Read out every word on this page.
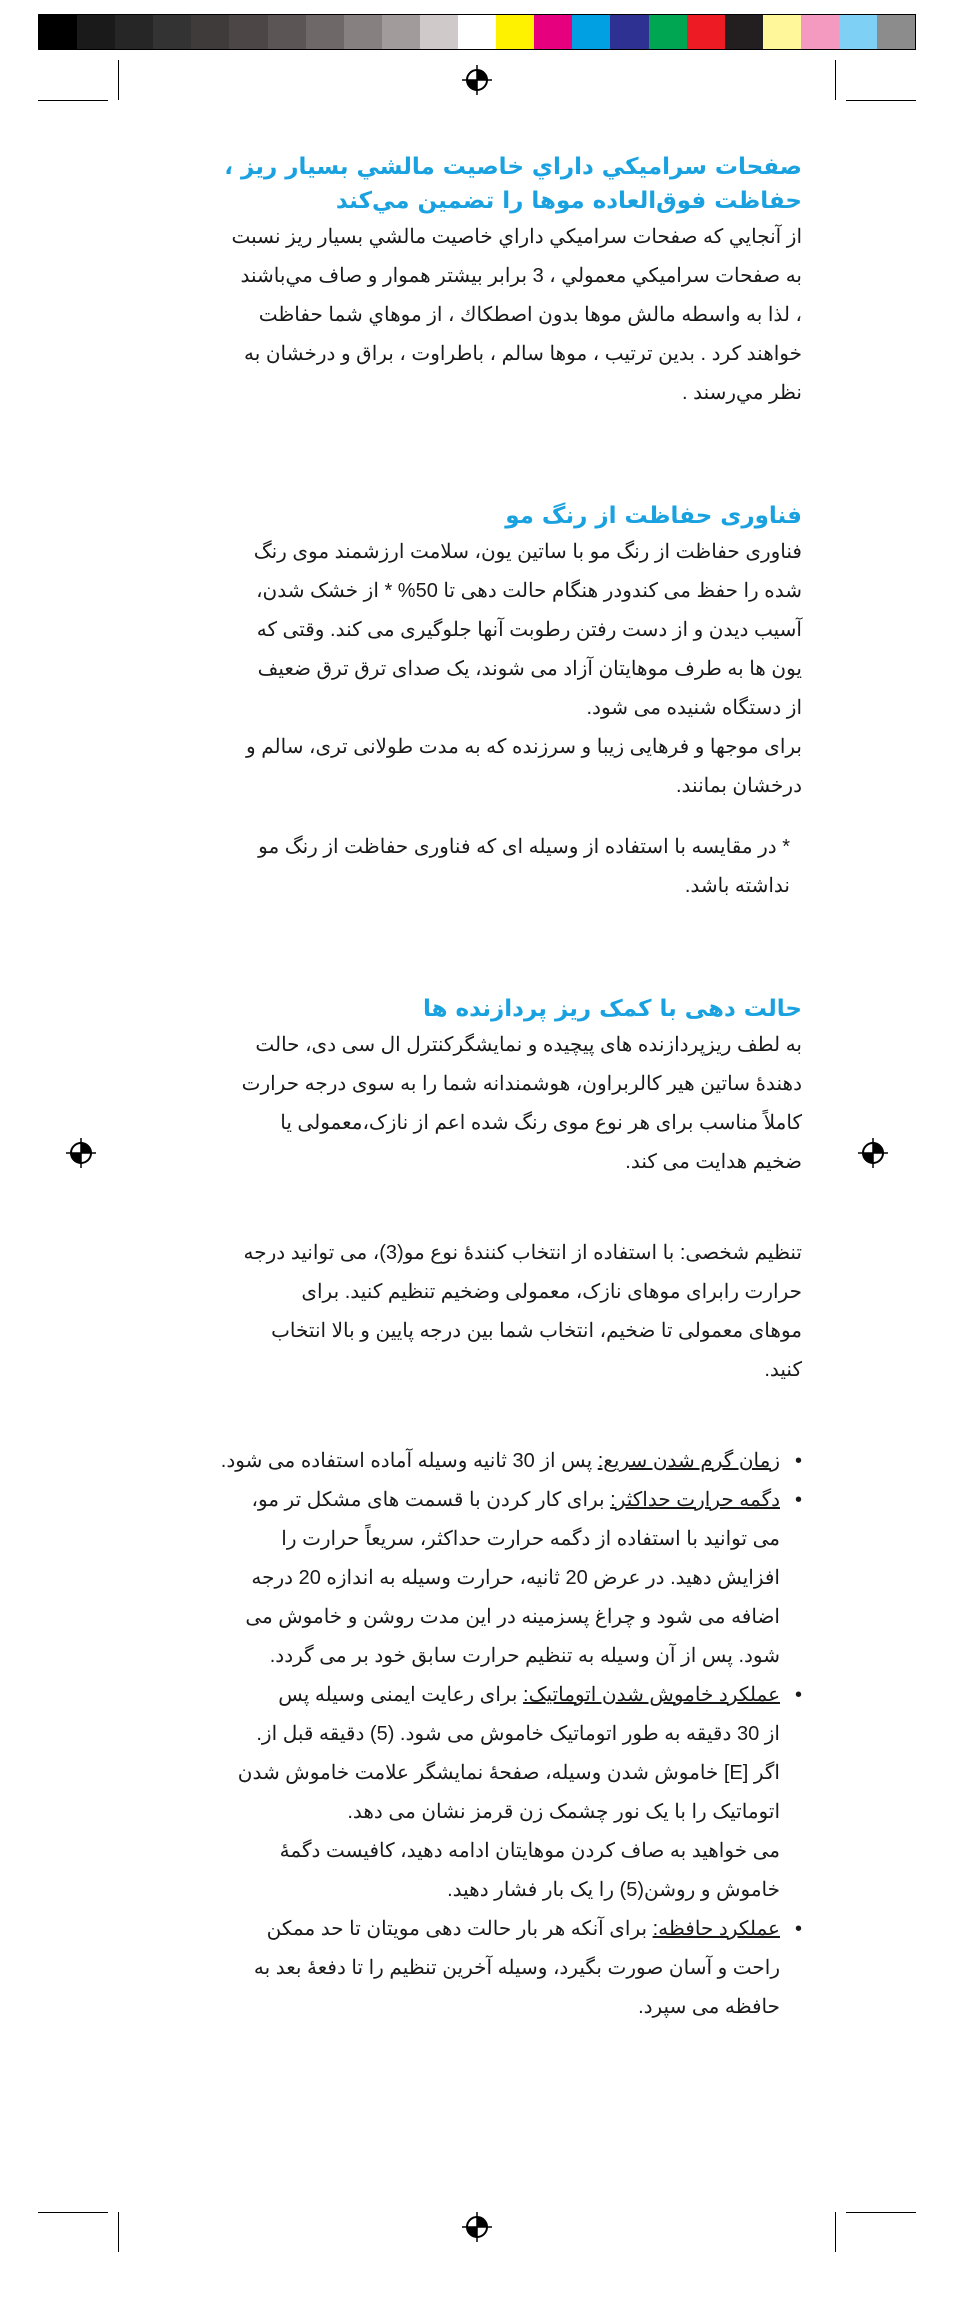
صفحات سراميكي داراي خاصيت مالشي بسيار ريز ،

حفاظت فوق‌العاده موها را تضمين مي‌كند

از آنجايي كه صفحات سراميكي داراي خاصيت مالشي بسيار ريز نسبت

به صفحات سراميكي معمولي ، 3 برابر بيشتر هموار و صاف مي‌باشند

، لذا به واسطه مالش موها بدون اصطكاك ، از موهاي شما حفاظت

خواهند كرد . بدين ترتيب ، موها سالم ، باطراوت ، براق و درخشان به

نظر مي‌رسند .

فناوری حفاظت از رنگ مو

فناوری حفاظت از رنگ مو با ساتین یون، سلامت ارزشمند موی رنگ

شده را حفظ می کندودر هنگام حالت دهی تا 50% * از خشک شدن،

آسیب دیدن و از دست رفتن رطوبت آنها جلوگیری می کند. وقتی که

یون ها به طرف موهایتان آزاد می شوند، یک صدای ترق ترق ضعیف

از دستگاه شنیده می شود.

برای موجها و فرهایی زیبا و سرزنده که به مدت طولانی تری، سالم و

درخشان بمانند.

* در مقایسه با استفاده از وسیله ای که فناوری حفاظت از رنگ مو

نداشته باشد.

حالت دهی با کمک ریز پردازنده ها

به لطف ریزپردازنده های پیچیده و نمایشگرکنترل ال سی دی، حالت

دهندۀ ساتین هیر کالربراون، هوشمندانه شما را به سوی درجه حرارت

کاملاً مناسب برای هر نوع موی رنگ شده اعم از نازک،معمولی یا

ضخیم هدایت می کند.

تنظیم شخصی: با استفاده از انتخاب کنندۀ نوع مو(3)، می توانید درجه

حرارت رابرای موهای نازک، معمولی وضخیم تنظیم کنید. برای

موهای معمولی تا ضخیم، انتخاب شما بین درجه پایین و بالا انتخاب

کنید.

•
زمان گرم شدن سریع: پس از 30 ثانیه وسیله آماده استفاده می شود.
•
دگمه حرارت حداکثر: برای کار کردن با قسمت های مشکل تر مو،
می توانید با استفاده از دگمه حرارت حداکثر، سریعاً حرارت را
افزایش دهید. در عرض 20 ثانیه، حرارت وسیله به اندازه 20 درجه
اضافه می شود و چراغ پسزمینه در این مدت روشن و خاموش می
شود. پس از آن وسیله به تنظیم حرارت سابق خود بر می گردد.
•
عملکرد خاموش شدن اتوماتیک: برای رعایت ایمنی وسیله پس
از 30 دقیقه به طور اتوماتیک خاموش می شود. (5) دقیقه قبل از.
اگر [E] خاموش شدن وسیله، صفحۀ نمایشگر علامت خاموش شدن
اتوماتیک را با یک نور چشمک زن قرمز نشان می دهد.
می خواهید به صاف کردن موهایتان ادامه دهید، کافیست دگمۀ
خاموش و روشن(5) را یک بار فشار دهید.
•
عملکرد حافظه: برای آنکه هر بار حالت دهی مویتان تا حد ممکن
راحت و آسان صورت بگیرد، وسیله آخرین تنظیم را تا دفعۀ بعد به
حافظه می سپرد.
